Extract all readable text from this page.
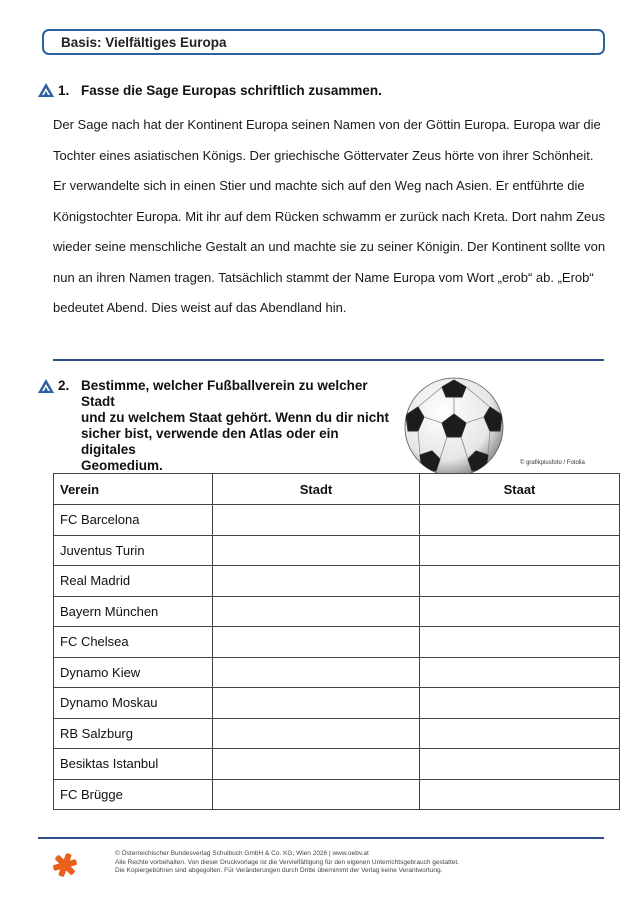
Basis: Vielfältiges Europa
1. Fasse die Sage Europas schriftlich zusammen.
Der Sage nach hat der Kontinent Europa seinen Namen von der Göttin Europa. Europa war die
Tochter eines asiatischen Königs. Der griechische Göttervater Zeus hörte von ihrer Schönheit.
Er verwandelte sich in einen Stier und machte sich auf den Weg nach Asien. Er entführte die
Königstochter Europa. Mit ihr auf dem Rücken schwamm er zurück nach Kreta. Dort nahm Zeus
wieder seine menschliche Gestalt an und machte sie zu seiner Königin. Der Kontinent sollte von
nun an ihren Namen tragen. Tatsächlich stammt der Name Europa vom Wort „erob“ ab. „Erob“
bedeutet Abend. Dies weist auf das Abendland hin.
2. Bestimme, welcher Fußballverein zu welcher Stadt
und zu welchem Staat gehört. Wenn du dir nicht
sicher bist, verwende den Atlas oder ein digitales
Geomedium.	© grafikplusfoto / Fotolia
Verein	Stadt	Staat
FC Barcelona		
Juventus Turin		
Real Madrid		
Bayern München		
FC Chelsea		
Dynamo Kiew		
Dynamo Moskau		
RB Salzburg		
Besiktas Istanbul		
FC Brügge		
© Österreichischer Bundesverlag Schulbuch GmbH & Co. KG, Wien 2026 | www.oebv.at
Alle Rechte vorbehalten. Von dieser Druckvorlage ist die Vervielfältigung für den eigenen Unterrichtsgebrauch gestattet.
Die Kopiergebühren sind abgegolten. Für Veränderungen durch Dritte übernimmt der Verlag keine Verantwortung.
